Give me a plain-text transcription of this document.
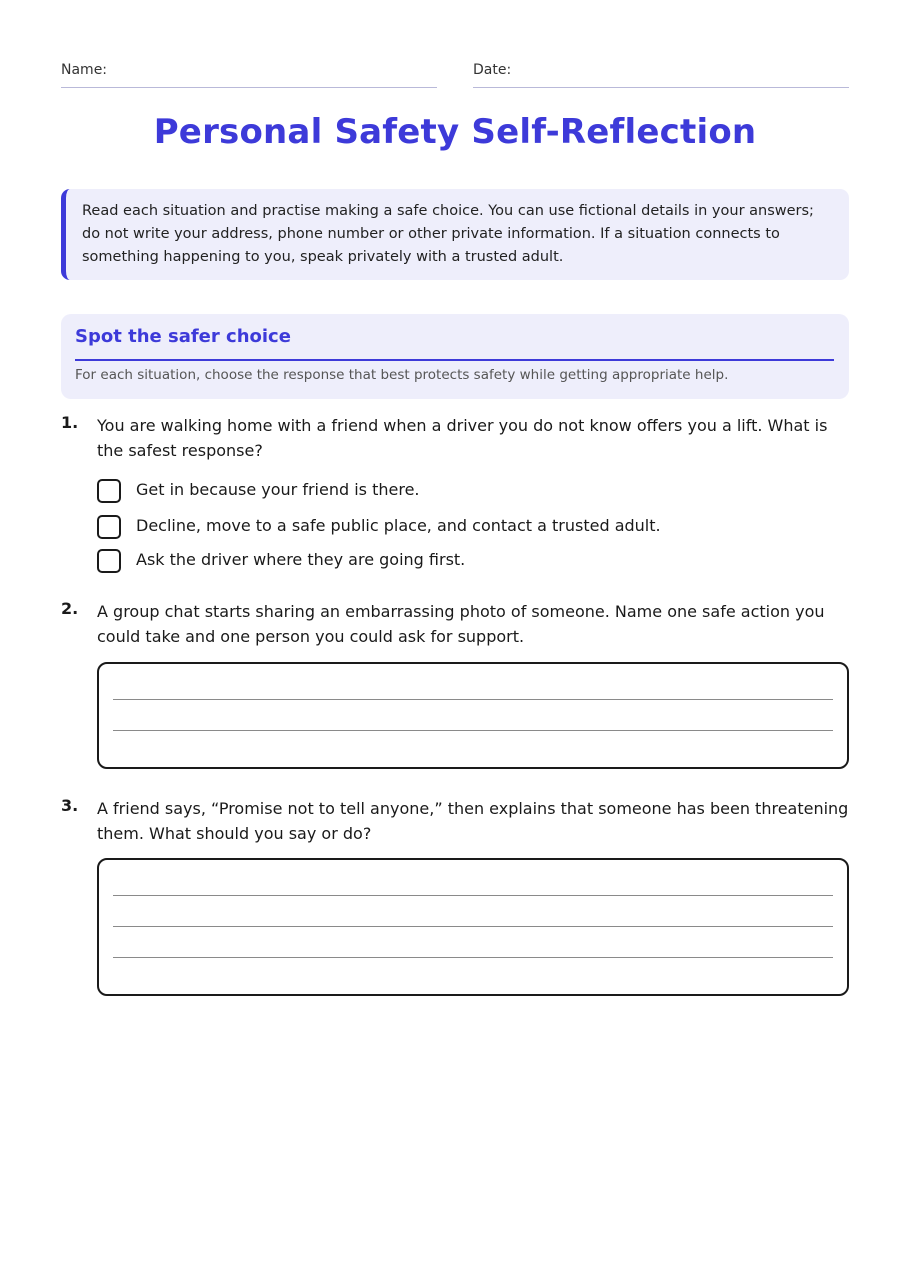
Name:	Date:
Personal Safety Self-Reflection
Read each situation and practise making a safe choice. You can use fictional details in your answers; do not write your address, phone number or other private information. If a situation connects to something happening to you, speak privately with a trusted adult.
Spot the safer choice
For each situation, choose the response that best protects safety while getting appropriate help.
1. You are walking home with a friend when a driver you do not know offers you a lift. What is the safest response?
Get in because your friend is there.
Decline, move to a safe public place, and contact a trusted adult.
Ask the driver where they are going first.
2. A group chat starts sharing an embarrassing photo of someone. Name one safe action you could take and one person you could ask for support.
3. A friend says, “Promise not to tell anyone,” then explains that someone has been threatening them. What should you say or do?
